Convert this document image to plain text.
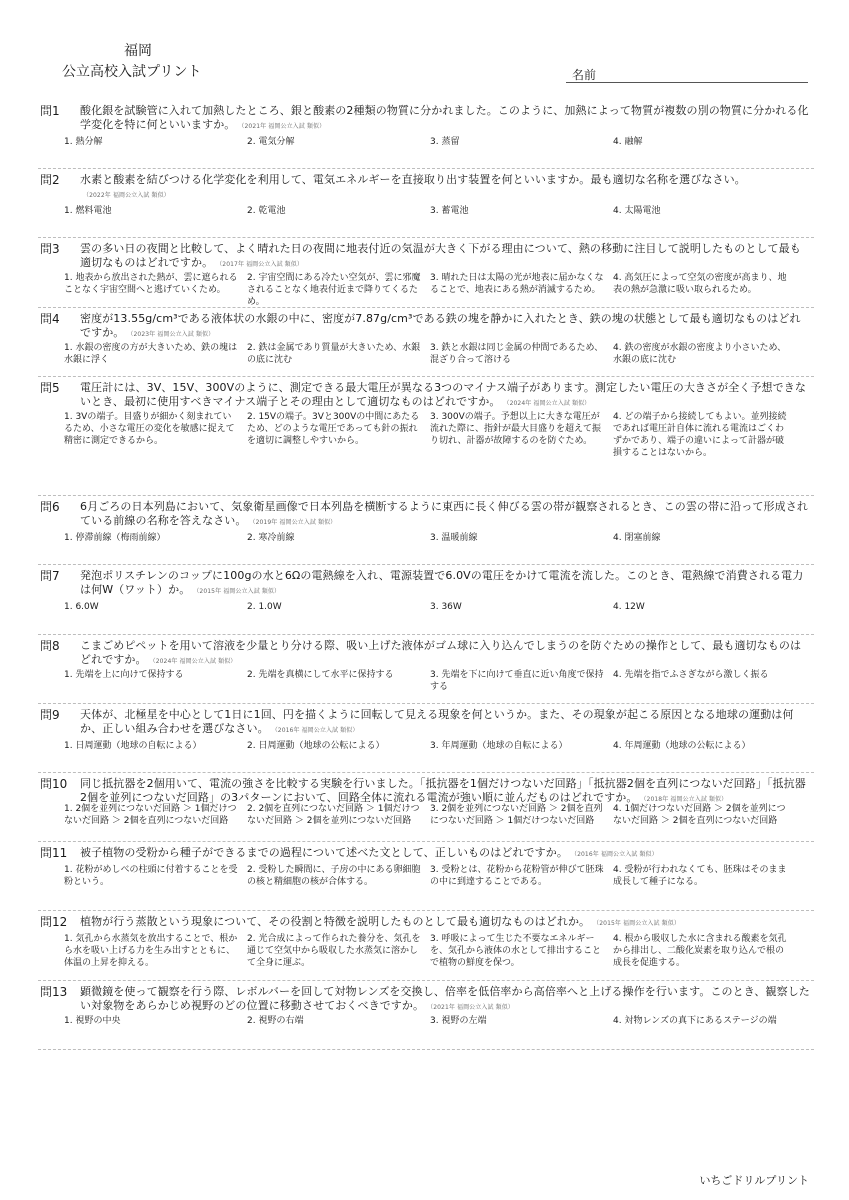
福岡
公立高校入試プリント	名前
問1 酸化銀を試験管に入れて加熱したところ、銀と酸素の2種類の物質に分かれました。このように、加熱によって物質が複数の別の物質に分かれる化学変化を特に何といいますか。 （2021年 福岡公立入試 類似）
1. 熱分解	2. 電気分解	3. 蒸留	4. 融解
問2 水素と酸素を結びつける化学変化を利用して、電気エネルギーを直接取り出す装置を何といいますか。最も適切な名称を選びなさい。（2022年 福岡公立入試 類似）
1. 燃料電池	2. 乾電池	3. 蓄電池	4. 太陽電池
問3 雲の多い日の夜間と比較して、よく晴れた日の夜間に地表付近の気温が大きく下がる理由について、熱の移動に注目して説明したものとして最も適切なものはどれですか。 （2017年 福岡公立入試 類似）
1. 地表から放出された熱が、雲に遮られることなく宇宙空間へと逃げていくため。
2. 宇宙空間にある冷たい空気が、雲に邪魔されることなく地表付近まで降りてくるため。
3. 晴れた日は太陽の光が地表に届かなくなることで、地表にある熱が消滅するため。
4. 高気圧によって空気の密度が高まり、地表の熱が急激に吸い取られるため。
問4 密度が13.55g/cm³である液体状の水銀の中に、密度が7.87g/cm³である鉄の塊を静かに入れたとき、鉄の塊の状態として最も適切なものはどれですか。 （2023年 福岡公立入試 類似）
1. 水銀の密度の方が大きいため、鉄の塊は水銀に浮く
2. 鉄は金属であり質量が大きいため、水銀の底に沈む
3. 鉄と水銀は同じ金属の仲間であるため、混ざり合って溶ける
4. 鉄の密度が水銀の密度より小さいため、水銀の底に沈む
問5 電圧計には、3V、15V、300Vのように、測定できる最大電圧が異なる3つのマイナス端子があります。測定したい電圧の大きさが全く予想できないとき、最初に使用すべきマイナス端子とその理由として適切なものはどれですか。 （2024年 福岡公立入試 類似）
1. 3Vの端子。目盛りが細かく刻まれているため、小さな電圧の変化を敏感に捉えて精密に測定できるから。
2. 15Vの端子。3Vと300Vの中間にあたるため、どのような電圧であっても針の振れを適切に調整しやすいから。
3. 300Vの端子。予想以上に大きな電圧が流れた際に、指針が最大目盛りを超えて振り切れ、計器が故障するのを防ぐため。
4. どの端子から接続してもよい。並列接続であれば電圧計自体に流れる電流はごくわずかであり、端子の違いによって計器が破損することはないから。
問6 6月ごろの日本列島において、気象衛星画像で日本列島を横断するように東西に長く伸びる雲の帯が観察されるとき、この雲の帯に沿って形成されている前線の名称を答えなさい。 （2019年 福岡公立入試 類似）
1. 停滞前線（梅雨前線）	2. 寒冷前線	3. 温暖前線	4. 閉塞前線
問7 発泡ポリスチレンのコップに100gの水と6Ωの電熱線を入れ、電源装置で6.0Vの電圧をかけて電流を流した。このとき、電熱線で消費される電力は何W（ワット）か。 （2015年 福岡公立入試 類似）
1. 6.0W	2. 1.0W	3. 36W	4. 12W
問8 こまごめピペットを用いて溶液を少量とり分ける際、吸い上げた液体がゴム球に入り込んでしまうのを防ぐための操作として、最も適切なものはどれですか。 （2024年 福岡公立入試 類似）
1. 先端を上に向けて保持する	2. 先端を真横にして水平に保持する	3. 先端を下に向けて垂直に近い角度で保持する
4. 先端を指でふさぎながら激しく振る
問9 天体が、北極星を中心として1日に1回、円を描くように回転して見える現象を何というか。また、その現象が起こる原因となる地球の運動は何か、正しい組み合わせを選びなさい。 （2016年 福岡公立入試 類似）
1. 日周運動（地球の自転による）	2. 日周運動（地球の公転による）	3. 年周運動（地球の自転による）	4. 年周運動（地球の公転による）
問10 同じ抵抗器を2個用いて、電流の強さを比較する実験を行いました。「抵抗器を1個だけつないだ回路」「抵抗器2個を直列につないだ回路」「抵抗器2個を並列につないだ回路」の3パターンにおいて、回路全体に流れる電流が強い順に並んだものはどれですか。 （2018年 福岡公立入試 類似）
1. 2個を並列につないだ回路 ＞ 1個だけつないだ回路 ＞ 2個を直列につないだ回路
2. 2個を直列につないだ回路 ＞ 1個だけつないだ回路 ＞ 2個を並列につないだ回路
3. 2個を並列につないだ回路 ＞ 2個を直列につないだ回路 ＞ 1個だけつないだ回路
4. 1個だけつないだ回路 ＞ 2個を並列につないだ回路 ＞ 2個を直列につないだ回路
問11 被子植物の受粉から種子ができるまでの過程について述べた文として、正しいものはどれですか。 （2016年 福岡公立入試 類似）
1. 花粉がめしべの柱頭に付着することを受粉という。
2. 受粉した瞬間に、子房の中にある卵細胞の核と精細胞の核が合体する。
3. 受粉とは、花粉から花粉管が伸びて胚珠の中に到達することである。
4. 受粉が行われなくても、胚珠はそのまま成長して種子になる。
問12 植物が行う蒸散という現象について、その役割と特徴を説明したものとして最も適切なものはどれか。 （2015年 福岡公立入試 類似）
1. 気孔から水蒸気を放出することで、根から水を吸い上げる力を生み出すとともに、体温の上昇を抑える。
2. 光合成によって作られた養分を、気孔を通じて空気中から吸収した水蒸気に溶かして全身に運ぶ。
3. 呼吸によって生じた不要なエネルギーを、気孔から液体の水として排出することで植物の鮮度を保つ。
4. 根から吸収した水に含まれる酸素を気孔から排出し、二酸化炭素を取り込んで根の成長を促進する。
問13 顕微鏡を使って観察を行う際、レボルバーを回して対物レンズを交換し、倍率を低倍率から高倍率へと上げる操作を行います。このとき、観察したい対象物をあらかじめ視野のどの位置に移動させておくべきですか。 （2021年 福岡公立入試 類似）
1. 視野の中央	2. 視野の右端	3. 視野の左端	4. 対物レンズの真下にあるステージの端
いちごドリルプリント
